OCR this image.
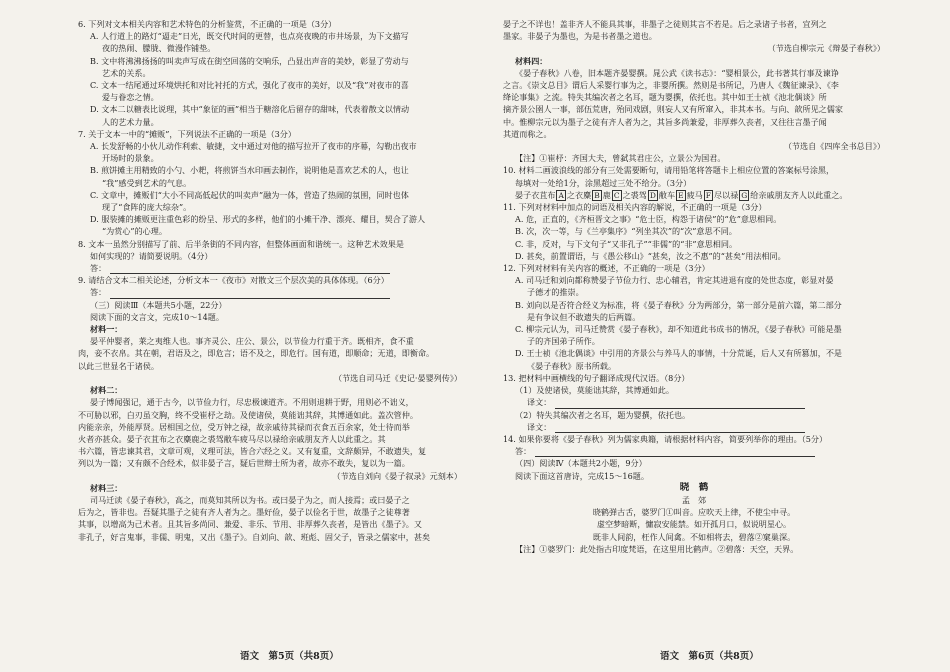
6. 下列对文本相关内容和艺术特色的分析鉴赏，不正确的一项是（3分）
A. 人行道上的路灯“逼走”日光，既交代时间的更替，也点亮夜晚的市井场景，为下文描写
夜的热闹、朦胧、微漫作铺垫。
B. 文中将沸沸扬扬的叫卖声写成在街空回荡的交响乐，凸显出声音的美妙，彰显了劳动与
艺术的关系。
C. 文本一结尾通过环境烘托和对比衬托的方式，强化了夜市的美好，以及“我”对夜市的喜
爱与眷恋之情。
D. 文本二以糖表比说理，其中“象征的画”相当于糖溶化后留存的甜味，代表着散文以情动
人的艺术力量。
7. 关于文本一中的“摊贩”，下列说法不正确的一项是（3分）
A. 长发舒畅的小伙儿动作利索、敏捷，文中通过对他的描写拉开了夜市的序幕，勾勒出夜市
开场时的景象。
B. 煎饼摊主用精致的小勺、小耙，将煎饼当水印画去制作，说明他是喜欢艺术的人，也让
“我”感受到艺术的气息。
C. 文章中，摊贩们“大小不同高低起伏的叫卖声”融为一体，营造了热闹的氛围，同时也体
现了“食阵的庞大综杂”。
D. 服装摊的摊贩更注重色彩的纷呈、形式的多样，他们的小摊干净、漂亮、耀目，契合了游人
“为赏心”的心理。
8. 文本一虽然分别描写了前、后半条街的不同内容，但整体画面和谐统一。这种艺术效果是
如何实现的？请简要说明。（4分）
答：
9. 请结合文本二相关论述，分析文本一《夜市》对散文三个层次美的具体体现。（6分）
答：
（三）阅读Ⅲ（本题共5小题，22分）
阅读下面的文言文，完成10～14题。
材料一：
晏平仲婴者，莱之夷维人也。事齐灵公、庄公、景公，以节俭力行重于齐。既相齐，食不重
肉，妾不衣帛。其在朝，君语及之，即危言；语不及之，即危行。国有道，即顺命；无道，即衡命。
以此三世显名于诸侯。
（节选自司马迁《史记·晏婴列传》）
材料二：
晏子博闻强记，通于古今，以节俭力行，尽忠极谏道齐。不用则退耕于野，用则必不诎义，
不可胁以邪，白刃虽交胸，终不受崔杼之劫。及使诸侯，莫能诎其辞，其博通如此。盖次管仲。
内能亲亲，外能厚贤。居相国之位，受万钟之禄，故亲戚待其禄而衣食五百余家，处士待而举
火者亦甚众。晏子衣苴布之衣麋鹿之裘驾敝车疲马尽以禄给亲戚朋友齐人以此重之。其
书六篇，皆忠谏其君，文章可观，义理可法，皆合六经之义。又有复重，文辞颇异，不敢遗失，复
列以为一篇；又有颇不合经术，似非晏子言，疑后世辩士所为者，故亦不敢失，复以为一篇。
（节选自刘向《晏子叙录》元刻本）
材料三：
司马迁读《晏子春秋》，高之，而莫知其所以为书。或曰晏子为之，而人接焉；或曰晏子之
后为之，皆非也。吾疑其墨子之徒有齐人者为之。墨好俭，晏子以俭名于世，故墨子之徒尊著
其事，以增高为己术者。且其旨多尚同、兼爱、非乐、节用、非厚葬久丧者，是皆出《墨子》。又
非孔子，好言鬼事，非儒、明鬼，又出《墨子》。自刘向、歆、班彪、固父子，皆录之儒家中，甚矣
晏子之不详也！盖非齐人不能具其事，非墨子之徒则其言不若是。后之录诸子书者，宜列之
墨家。非晏子为墨也，为是书者墨之道也。
（节选自柳宗元《辩晏子春秋》）
材料四：
《晏子春秋》八卷，旧本题齐晏婴撰。晁公武《读书志》：“婴相景公，此书著其行事及谏诤
之言。《崇文总目》谓后人采婴行事为之，非婴所撰。然则是书所记，乃唐人《魏征谏录》、《李
绛论事集》之流。特失其编次者之名耳，题为婴撰，依托也。其中如王士祯《池北偶谈》所
摘齐景公圉人一事，部伍荒唐，殆同戏剧，则妄人又有所窜入，非其本书。与向、歆所见之儒家
中。惟柳宗元以为墨子之徒有齐人者为之，其旨多尚兼爱，非厚葬久丧者，又往往言墨子闻
其道而称之。
（节选自《四库全书总目》）
【注】①崔杼：齐国大夫，曾弑其君庄公，立景公为国君。
10. 材料二画波浪线的部分有三处需要断句，请用铅笔将答题卡上相应位置的答案标号涂黑，
每填对一处给1分，涂黑超过三处不给分。（3分）
晏子衣苴布 A 之衣麋 B 鹿 C 之裘驾 D 敝车 E 疲马 F 尽以禄 G 给亲戚朋友齐人以此重之。
11. 下列对材料中加点的词语及相关内容的解说，不正确的一项是（3分）
A. 危，正直的，《齐桓晋文之事》“危士臣，构怨于诸侯”的“危”意思相同。
B. 次，次一等，与《兰亭集序》“列坐其次”的“次”意思不同。
C. 非，反对，与下文句子“又非孔子”“非儒”的“非”意思相同。
D. 甚矣，前置谓语，与《愚公移山》“甚矣，汝之不惠”的“甚矣”用法相同。
12. 下列对材料有关内容的概述，不正确的一项是（3分）
A. 司马迁和刘向都称赞晏子节俭力行、忠心辅君，肯定其进退有度的处世态度，彰显对晏
子德才的推崇。
B. 刘向以是否符合经义为标准，将《晏子春秋》分为两部分，第一部分是前六篇，第二部分
是有争议但不敢遗失的后两篇。
C. 柳宗元认为，司马迁赞赏《晏子春秋》，却不知道此书成书的情况，《晏子春秋》可能是墨
子的齐国弟子所作。
D. 王士祯《池北偶谈》中引用的齐景公与养马人的事情，十分荒诞，后人又有所篡加，不是
《晏子春秋》原书所载。
13. 把材料中画横线的句子翻译成现代汉语。（8分）
（1）及使诸侯，莫能诎其辞，其博通如此。
译文：
（2）特失其编次者之名耳，题为婴撰，依托也。
译文：
14. 如果你要将《晏子春秋》列为儒家典籍，请根据材料内容，简要列举你的理由。（5分）
答：
（四）阅读Ⅳ（本题共2小题，9分）
阅读下面这首唐诗，完成15～16题。
晓　鹤
孟　郊
晓鹤弹古舌，婆罗门①叫音。应吹天上律，不使尘中寻。
虚空梦暗断，慵寂安能禁。如开孤月口，似说明星心。
既非人间韵，枉作人间禽。不如相将去，碧落②窠巢深。
【注】①婆罗门：此处指古印度梵语，在这里用比鹤声。②碧落：天空，天界。
语文　第5页（共8页）	语文　第6页（共8页）
